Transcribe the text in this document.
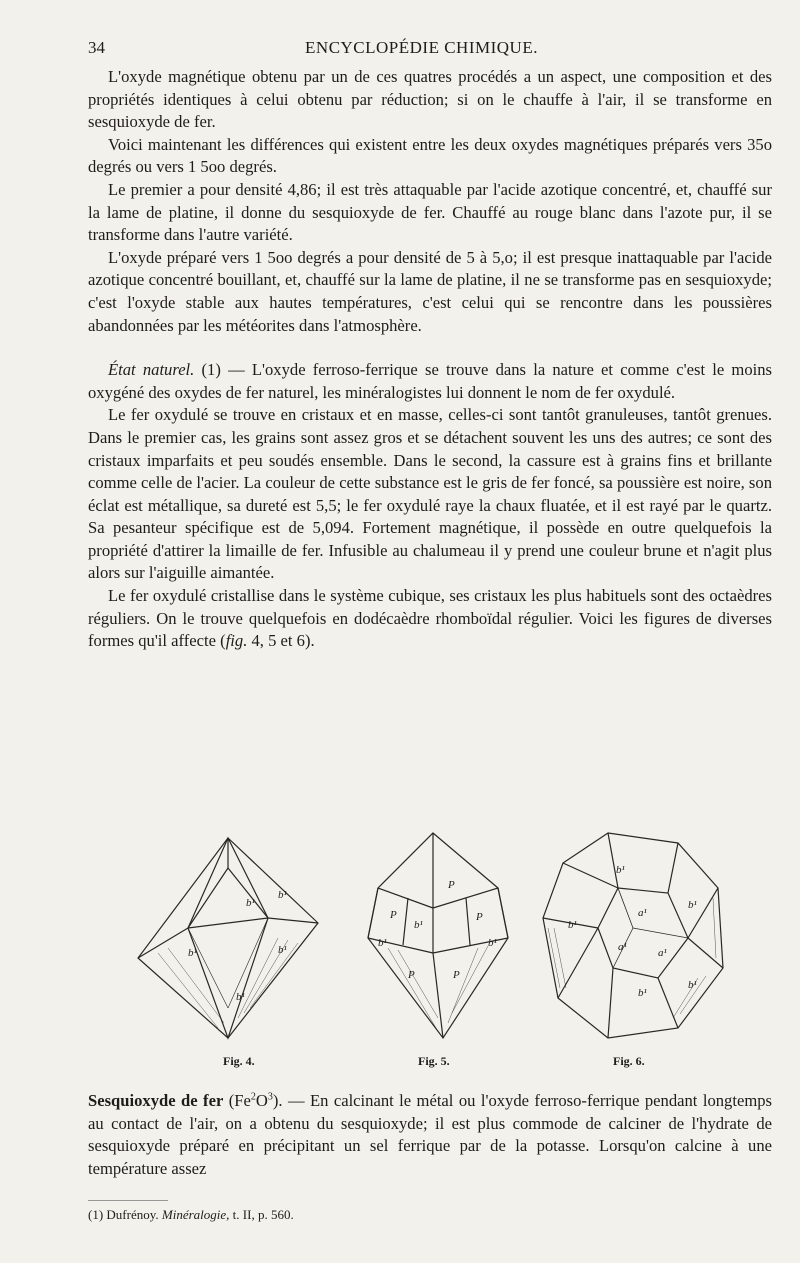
34	ENCYCLOPÉDIE CHIMIQUE.

L'oxyde magnétique obtenu par un de ces quatres procédés a un aspect, une composition et des propriétés identiques à celui obtenu par réduction; si on le chauffe à l'air, il se transforme en sesquioxyde de fer.

Voici maintenant les différences qui existent entre les deux oxydes magnétiques préparés vers 35o degrés ou vers 1 5oo degrés.

Le premier a pour densité 4,86; il est très attaquable par l'acide azotique concentré, et, chauffé sur la lame de platine, il donne du sesquioxyde de fer. Chauffé au rouge blanc dans l'azote pur, il se transforme dans l'autre variété.

L'oxyde préparé vers 1 5oo degrés a pour densité de 5 à 5,o; il est presque inattaquable par l'acide azotique concentré bouillant, et, chauffé sur la lame de platine, il ne se transforme pas en sesquioxyde; c'est l'oxyde stable aux hautes températures, c'est celui qui se rencontre dans les poussières abandonnées par les météorites dans l'atmosphère.

État naturel. (1) — L'oxyde ferroso-ferrique se trouve dans la nature et comme c'est le moins oxygéné des oxydes de fer naturel, les minéralogistes lui donnent le nom de fer oxydulé.

Le fer oxydulé se trouve en cristaux et en masse, celles-ci sont tantôt granuleuses, tantôt grenues. Dans le premier cas, les grains sont assez gros et se détachent souvent les uns des autres; ce sont des cristaux imparfaits et peu soudés ensemble. Dans le second, la cassure est à grains fins et brillante comme celle de l'acier. La couleur de cette substance est le gris de fer foncé, sa poussière est noire, son éclat est métallique, sa dureté est 5,5; le fer oxydulé raye la chaux fluatée, et il est rayé par le quartz. Sa pesanteur spécifique est de 5,094. Fortement magnétique, il possède en outre quelquefois la propriété d'attirer la limaille de fer. Infusible au chalumeau il y prend une couleur brune et n'agit plus alors sur l'aiguille aimantée.

Le fer oxydulé cristallise dans le système cubique, ses cristaux les plus habituels sont des octaèdres réguliers. On le trouve quelquefois en dodécaèdre rhomboïdal régulier. Voici les figures de diverses formes qu'il affecte (fig. 4, 5 et 6).

b¹
b¹
b¹	b¹
b¹
Fig. 4.
P
P
P
b¹
b¹	b¹
P	P
Fig. 5.
b¹
b¹
b¹
a¹
a¹	a¹
b¹
b¹
Fig. 6.

Sesquioxyde de fer $(Fe^2O^3)$. — En calcinant le métal ou l'oxyde ferroso-ferrique pendant longtemps au contact de l'air, on a obtenu du sesquioxyde; il est plus commode de calciner de l'hydrate de sesquioxyde préparé en précipitant un sel ferrique par de la potasse. Lorsqu'on calcine à une température assez

(1) Dufrénoy. Minéralogie, t. II, p. 560.
